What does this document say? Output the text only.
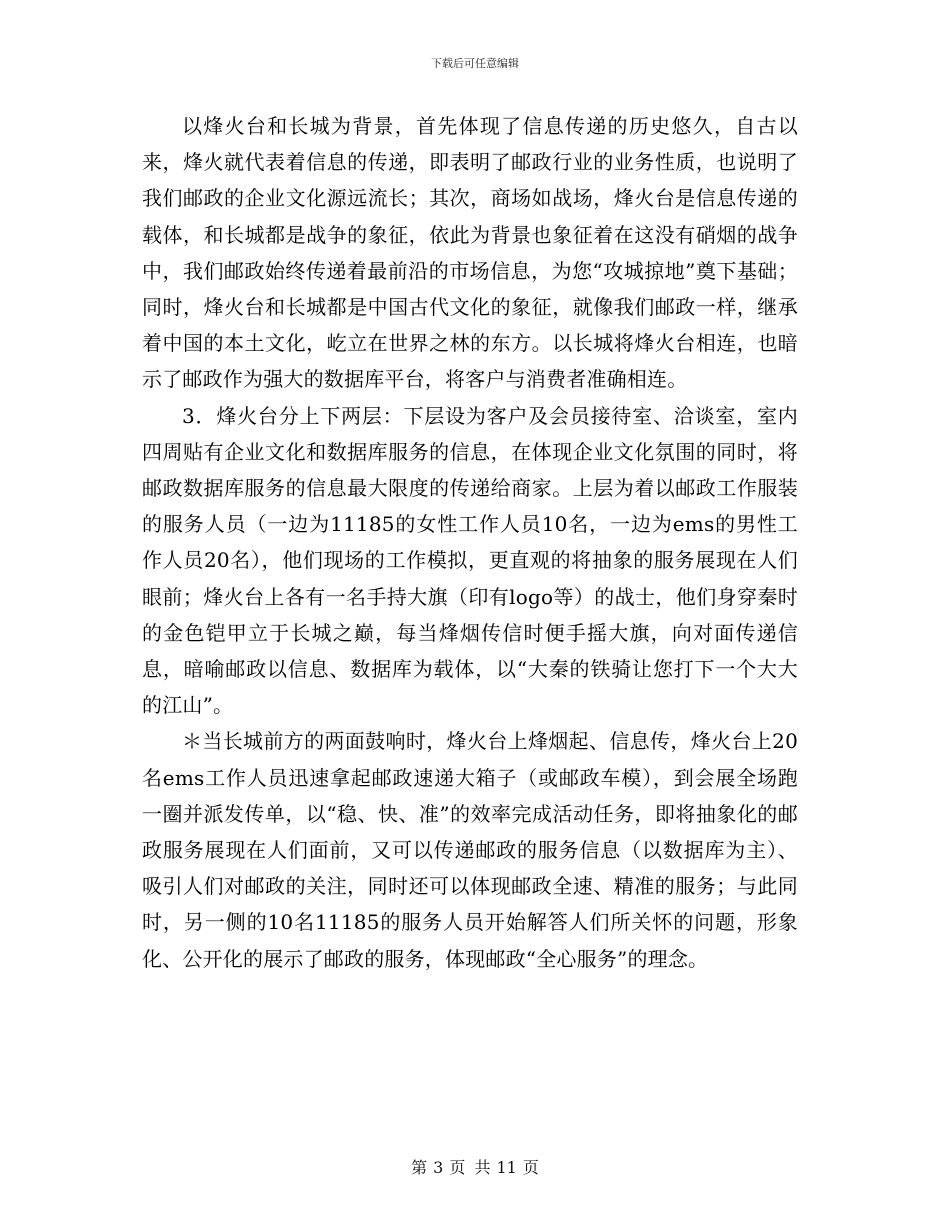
下载后可任意编辑

以烽火台和长城为背景，首先体现了信息传递的历史悠久，自古以来，烽火就代表着信息的传递，即表明了邮政行业的业务性质，也说明了我们邮政的企业文化源远流长；其次，商场如战场，烽火台是信息传递的载体，和长城都是战争的象征，依此为背景也象征着在这没有硝烟的战争中，我们邮政始终传递着最前沿的市场信息，为您“攻城掠地”奠下基础；同时，烽火台和长城都是中国古代文化的象征，就像我们邮政一样，继承着中国的本土文化，屹立在世界之林的东方。以长城将烽火台相连，也暗示了邮政作为强大的数据库平台，将客户与消费者准确相连。

3．烽火台分上下两层：下层设为客户及会员接待室、洽谈室，室内四周贴有企业文化和数据库服务的信息，在体现企业文化氛围的同时，将邮政数据库服务的信息最大限度的传递给商家。上层为着以邮政工作服装的服务人员（一边为11185的女性工作人员10名，一边为ems的男性工作人员20名），他们现场的工作模拟，更直观的将抽象的服务展现在人们眼前；烽火台上各有一名手持大旗（印有logo等）的战士，他们身穿秦时的金色铠甲立于长城之巅，每当烽烟传信时便手摇大旗，向对面传递信息，暗喻邮政以信息、数据库为载体，以“大秦的铁骑让您打下一个大大的江山”。

＊当长城前方的两面鼓响时，烽火台上烽烟起、信息传，烽火台上20名ems工作人员迅速拿起邮政速递大箱子（或邮政车模），到会展全场跑一圈并派发传单，以“稳、快、准”的效率完成活动任务，即将抽象化的邮政服务展现在人们面前，又可以传递邮政的服务信息（以数据库为主）、吸引人们对邮政的关注，同时还可以体现邮政全速、精准的服务；与此同时，另一侧的10名11185的服务人员开始解答人们所关怀的问题，形象化、公开化的展示了邮政的服务，体现邮政“全心服务”的理念。

第 3 页 共 11 页
